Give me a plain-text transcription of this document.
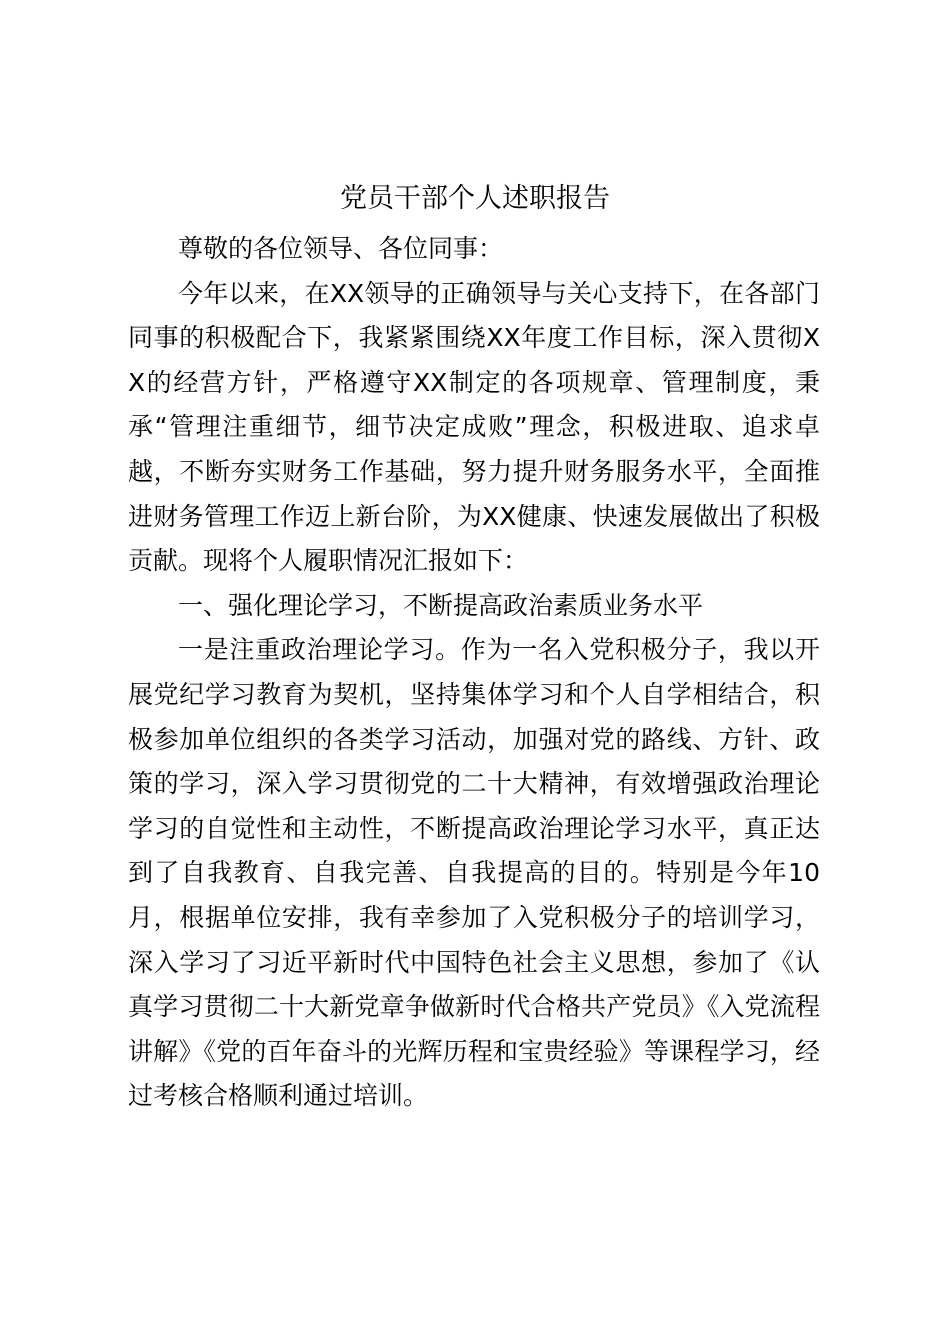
党员干部个人述职报告

尊敬的各位领导、各位同事：

今年以来，在XX领导的正确领导与关心支持下，在各部门同事的积极配合下，我紧紧围绕XX年度工作目标，深入贯彻XX的经营方针，严格遵守XX制定的各项规章、管理制度，秉承“管理注重细节，细节决定成败”理念，积极进取、追求卓越，不断夯实财务工作基础，努力提升财务服务水平，全面推进财务管理工作迈上新台阶，为XX健康、快速发展做出了积极贡献。现将个人履职情况汇报如下：

一、强化理论学习，不断提高政治素质业务水平

一是注重政治理论学习。作为一名入党积极分子，我以开展党纪学习教育为契机，坚持集体学习和个人自学相结合，积极参加单位组织的各类学习活动，加强对党的路线、方针、政策的学习，深入学习贯彻党的二十大精神，有效增强政治理论学习的自觉性和主动性，不断提高政治理论学习水平，真正达到了自我教育、自我完善、自我提高的目的。特别是今年10月，根据单位安排，我有幸参加了入党积极分子的培训学习，深入学习了习近平新时代中国特色社会主义思想，参加了《认真学习贯彻二十大新党章争做新时代合格共产党员》《入党流程讲解》《党的百年奋斗的光辉历程和宝贵经验》等课程学习，经过考核合格顺利通过培训。
